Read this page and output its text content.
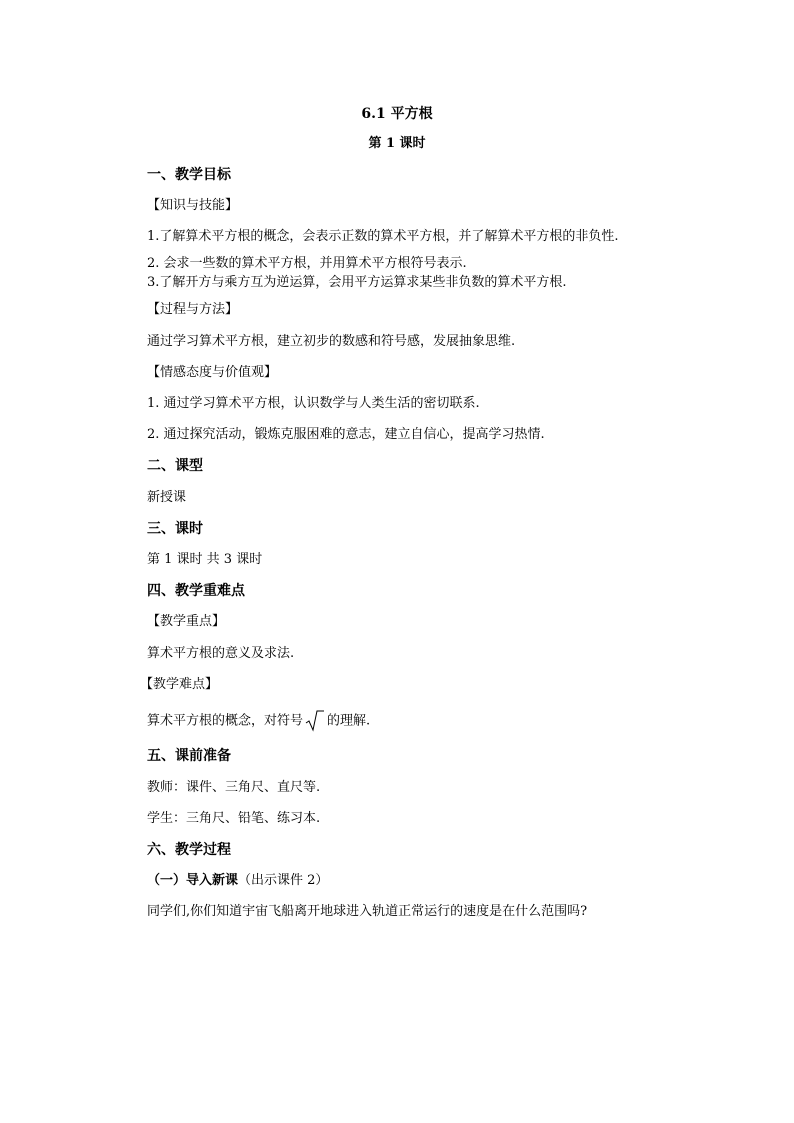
6.1 平方根
第 1 课时
一、教学目标
【知识与技能】
1.了解算术平方根的概念，会表示正数的算术平方根，并了解算术平方根的非负性.
2. 会求一些数的算术平方根，并用算术平方根符号表示.
3.了解开方与乘方互为逆运算，会用平方运算求某些非负数的算术平方根.
【过程与方法】
通过学习算术平方根，建立初步的数感和符号感，发展抽象思维.
【情感态度与价值观】
1. 通过学习算术平方根，认识数学与人类生活的密切联系.
2. 通过探究活动，锻炼克服困难的意志，建立自信心，提高学习热情.
二、课型
新授课
三、课时
第 1 课时 共 3 课时
四、教学重难点
【教学重点】
算术平方根的意义及求法.
【教学难点】
算术平方根的概念，对符号 的理解.
五、课前准备
教师：课件、三角尺、直尺等.
学生：三角尺、铅笔、练习本.
六、教学过程
（一）导入新课（出示课件 2）
同学们,你们知道宇宙飞船离开地球进入轨道正常运行的速度是在什么范围吗?
